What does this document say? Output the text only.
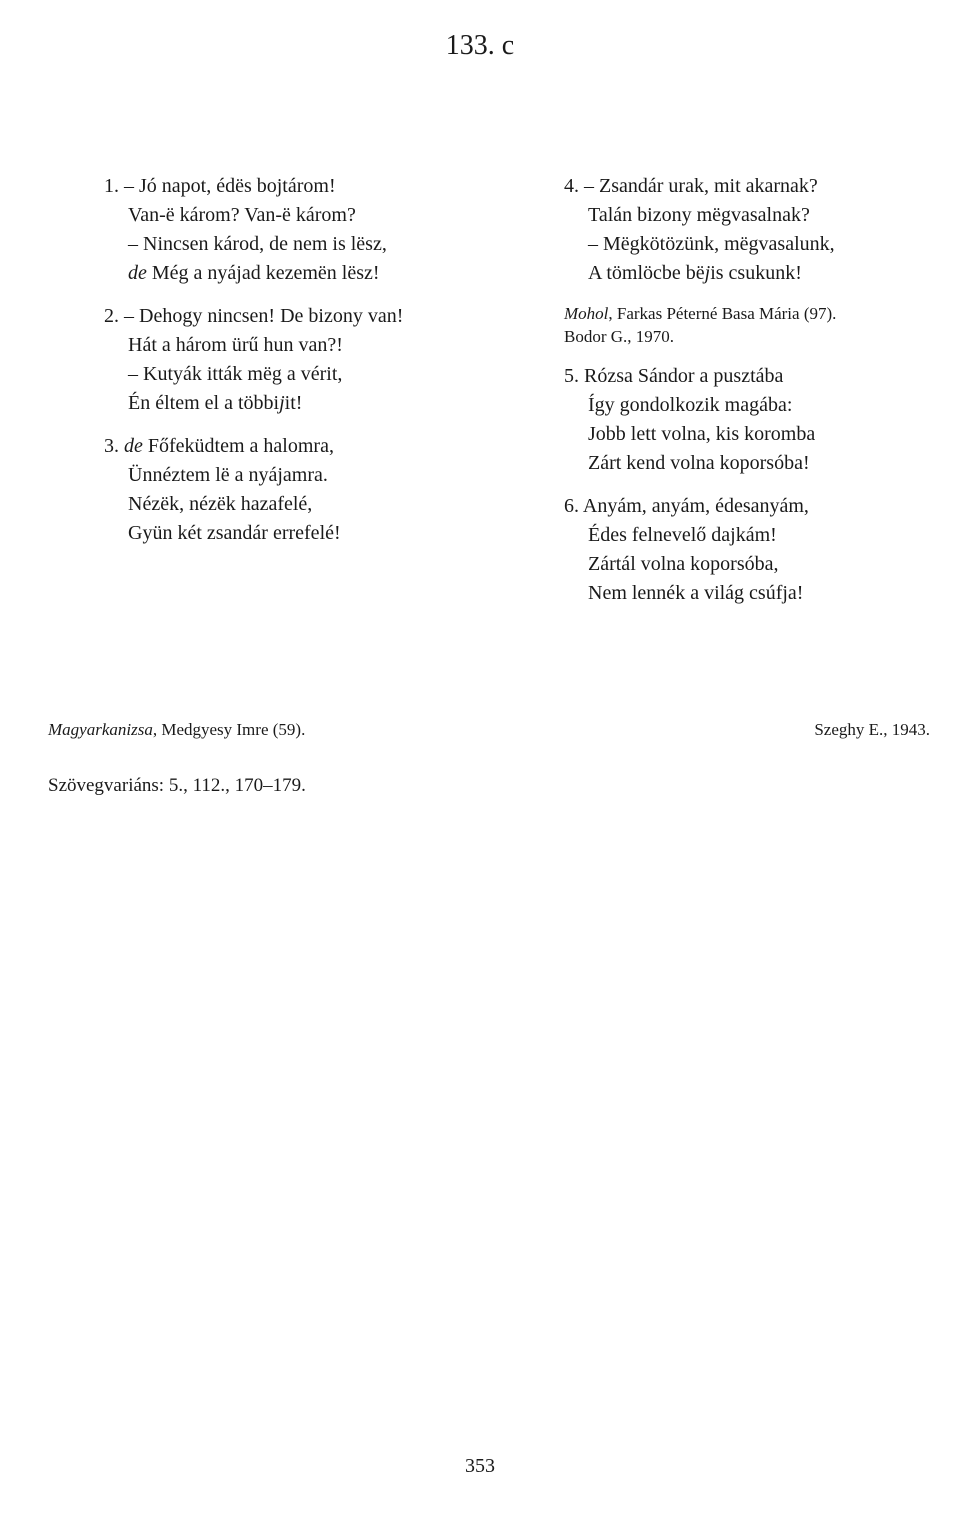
133. c
1. – Jó napot, édës bojtárom!
Van-ë károm? Van-ë károm?
– Nincsen károd, de nem is lësz,
de Még a nyájad kezemën lësz!
2. – Dehogy nincsen! De bizony van!
Hát a három ürű hun van?!
– Kutyák itták mëg a vérit,
Én éltem el a többijit!
3. de Főfeküdtem a halomra,
Ünnéztem lë a nyájamra.
Nézëk, nézëk hazafelé,
Gyün két zsandár errefelé!
4. – Zsandár urak, mit akarnak?
Talán bizony mëgvasalnak?
– Mëgkötözünk, mëgvasalunk,
A tömlöcbe bëjis csukunk!
Mohol, Farkas Péterné Basa Mária (97).
Bodor G., 1970.
5. Rózsa Sándor a pusztába
Így gondolkozik magába:
Jobb lett volna, kis koromba
Zárt kend volna koporsóba!
6. Anyám, anyám, édesanyám,
Édes felnevelő dajkám!
Zártál volna koporsóba,
Nem lennék a világ csúfja!
Magyarkanizsa, Medgyesy Imre (59).	Szeghy E., 1943.
Szövegvariáns: 5., 112., 170–179.
353
